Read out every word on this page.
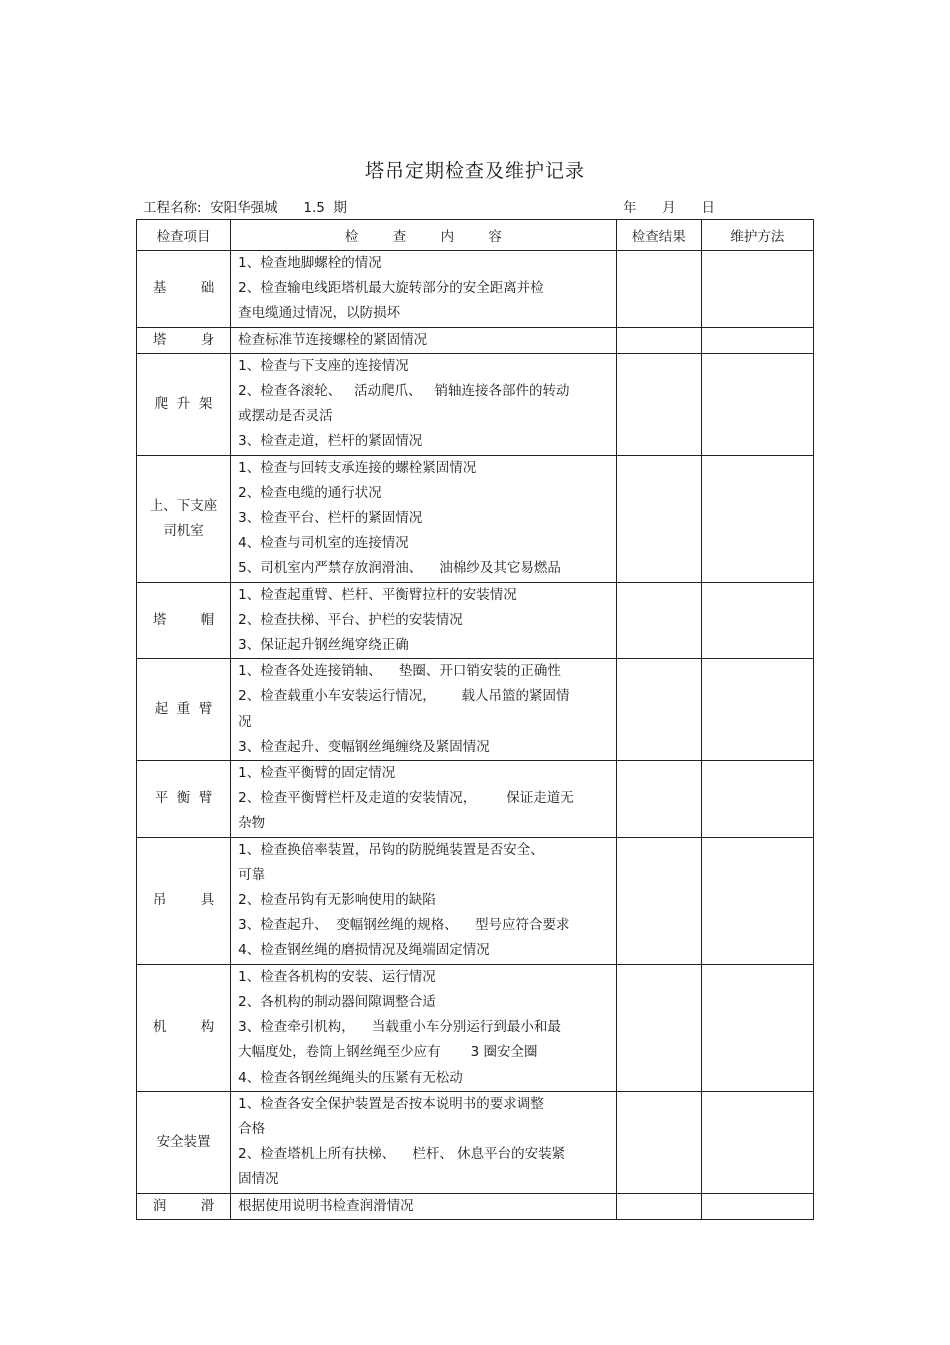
塔吊定期检查及维护记录
工程名称:  安阳华强城      1.5  期	年      月      日
检查项目	检        查        内        容	检查结果	维护方法
基        础	1、检查地脚螺栓的情况
2、检查输电线距塔机最大旋转部分的安全距离并检
查电缆通过情况，以防损坏		

塔        身	检查标准节连接螺栓的紧固情况		

爬  升  架	1、检查与下支座的连接情况
2、检查各滚轮、   活动爬爪、   销轴连接各部件的转动
或摆动是否灵活
3、检查走道，栏杆的紧固情况		

上、下支座
司机室	1、检查与回转支承连接的螺栓紧固情况
2、检查电缆的通行状况
3、检查平台、栏杆的紧固情况
4、检查与司机室的连接情况
5、司机室内严禁存放润滑油、    油棉纱及其它易燃品		

塔        帽	1、检查起重臂、栏杆、平衡臂拉杆的安装情况
2、检查扶梯、平台、护栏的安装情况
3、保证起升钢丝绳穿绕正确		

起  重  臂	1、检查各处连接销轴、    垫圈、开口销安装的正确性
2、检查载重小车安装运行情况，      载人吊篮的紧固情
况
3、检查起升、变幅钢丝绳缠绕及紧固情况		

平  衡  臂	1、检查平衡臂的固定情况
2、检查平衡臂栏杆及走道的安装情况，       保证走道无
杂物		

吊        具	1、检查换倍率装置，吊钩的防脱绳装置是否安全、
可靠
2、检查吊钩有无影响使用的缺陷
3、检查起升、  变幅钢丝绳的规格、    型号应符合要求
4、检查钢丝绳的磨损情况及绳端固定情况		

机        构	1、检查各机构的安装、运行情况
2、各机构的制动器间隙调整合适
3、检查牵引机构，    当载重小车分别运行到最小和最
大幅度处，卷筒上钢丝绳至少应有       3 圈安全圈
4、检查各钢丝绳绳头的压紧有无松动		

安全装置	1、检查各安全保护装置是否按本说明书的要求调整
合格
2、检查塔机上所有扶梯、    栏杆、 休息平台的安装紧
固情况		

润        滑	根据使用说明书检查润滑情况		
